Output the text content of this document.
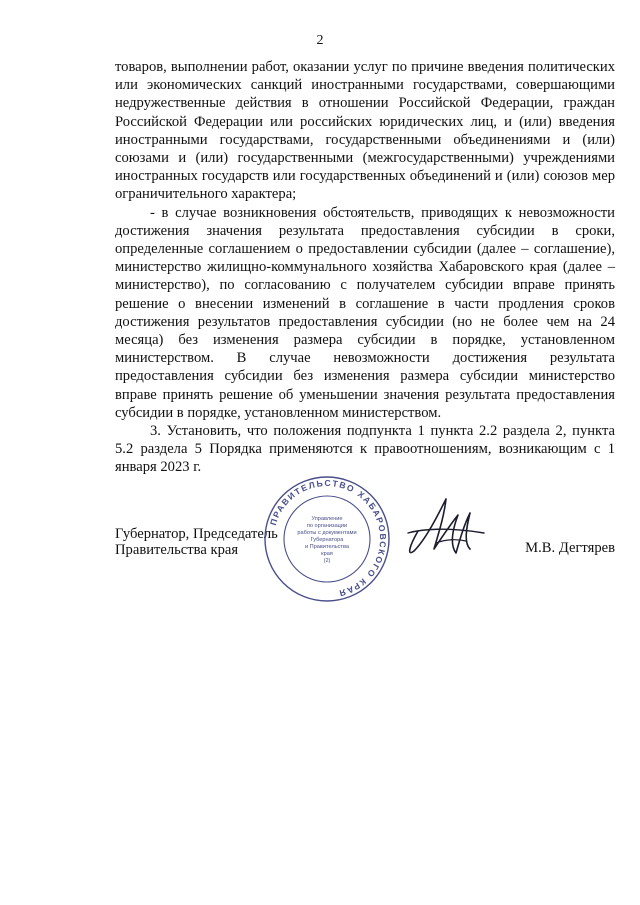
2

товаров, выполнении работ, оказании услуг по причине введения политических или экономических санкций иностранными государствами, совершающими недружественные действия в отношении Российской Федерации, граждан Российской Федерации или российских юридических лиц, и (или) введения иностранными государствами, государственными объединениями и (или) союзами и (или) государственными (межгосударственными) учреждениями иностранных государств или государственных объединений и (или) союзов мер ограничительного характера;

- в случае возникновения обстоятельств, приводящих к невозможности достижения значения результата предоставления субсидии в сроки, определенные соглашением о предоставлении субсидии (далее – соглашение), министерство жилищно-коммунального хозяйства Хабаровского края (далее – министерство), по согласованию с получателем субсидии вправе принять решение о внесении изменений в соглашение в части продления сроков достижения результатов предоставления субсидии (но не более чем на 24 месяца) без изменения размера субсидии в порядке, установленном министерством. В случае невозможности достижения результата предоставления субсидии без изменения размера субсидии министерство вправе принять решение об уменьшении значения результата предоставления субсидии в порядке, установленном министерством.

3. Установить, что положения подпункта 1 пункта 2.2 раздела 2, пункта 5.2 раздела 5 Порядка применяются к правоотношениям, возникающим с 1 января 2023 г.

Губернатор, Председатель
Правительства края	М.В. Дегтярев
ПРАВИТЕЛЬСТВО ХАБАРОВСКОГО КРАЯ
Управление
по организации
работы с документами
Губернатора
и Правительства
края
(2)
